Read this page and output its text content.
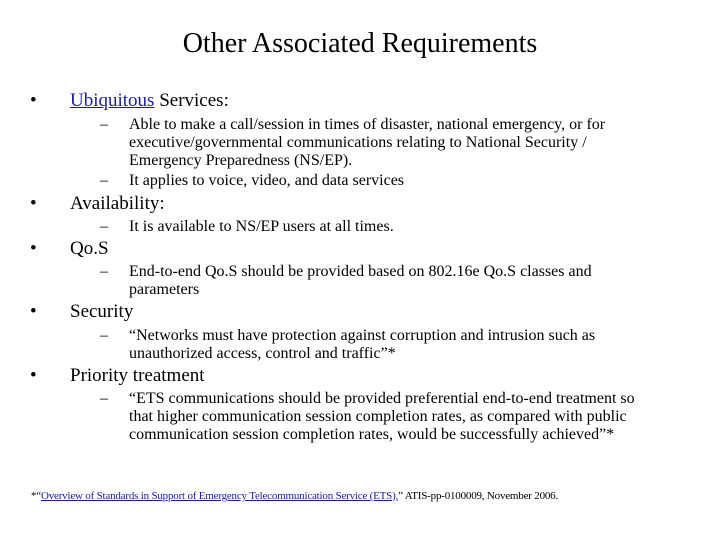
Other Associated Requirements
• Ubiquitous Services:
– Able to make a call/session in times of disaster, national emergency, or for
executive/governmental communications relating to National Security /
Emergency Preparedness (NS/EP).
– It applies to voice, video, and data services
• Availability:
– It is available to NS/EP users at all times.
• Qo.S
– End-to-end Qo.S should be provided based on 802.16e Qo.S classes and
parameters
• Security
– “Networks must have protection against corruption and intrusion such as
unauthorized access, control and traffic”*
• Priority treatment
– “ETS communications should be provided preferential end-to-end treatment so
that higher communication session completion rates, as compared with public
communication session completion rates, would be successfully achieved”*
*“Overview of Standards in Support of Emergency Telecommunication Service (ETS),” ATIS-pp-0100009, November 2006.
